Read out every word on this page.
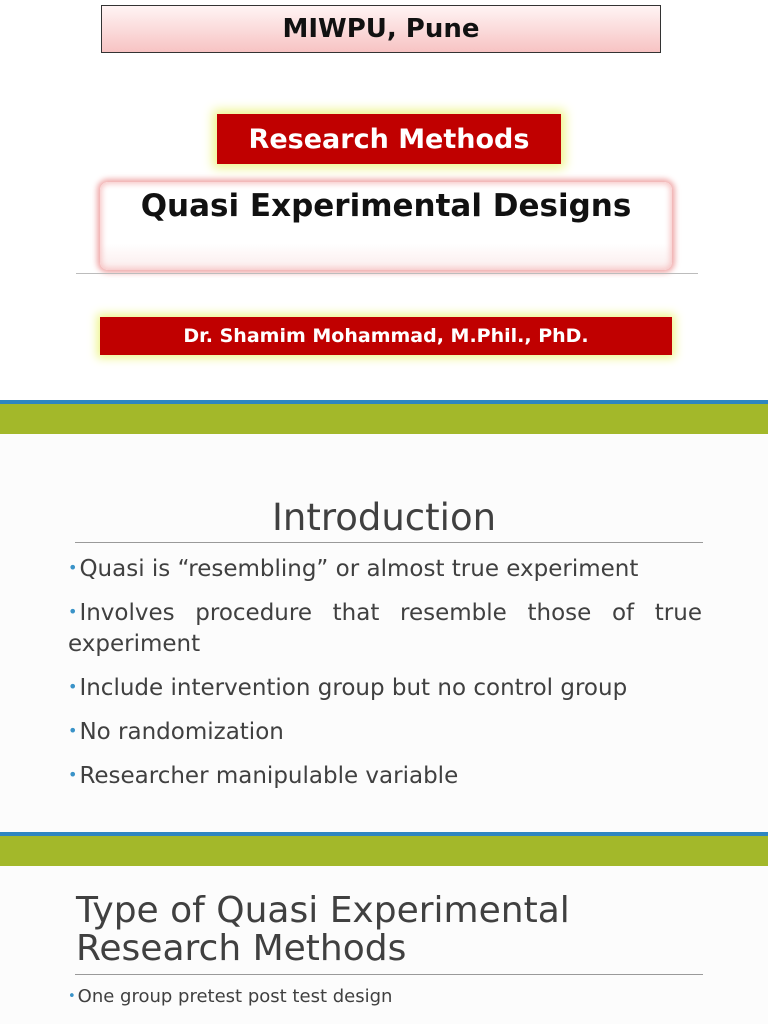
MIWPU, Pune
Research Methods
Quasi Experimental Designs
Dr. Shamim Mohammad, M.Phil., PhD.
Introduction
•Quasi is “resembling” or almost true experiment
•Involves procedure that resemble those of true experiment
•Include intervention group but no control group
•No randomization
•Researcher manipulable variable
Type of Quasi Experimental
Research Methods
• One group pretest post test design
